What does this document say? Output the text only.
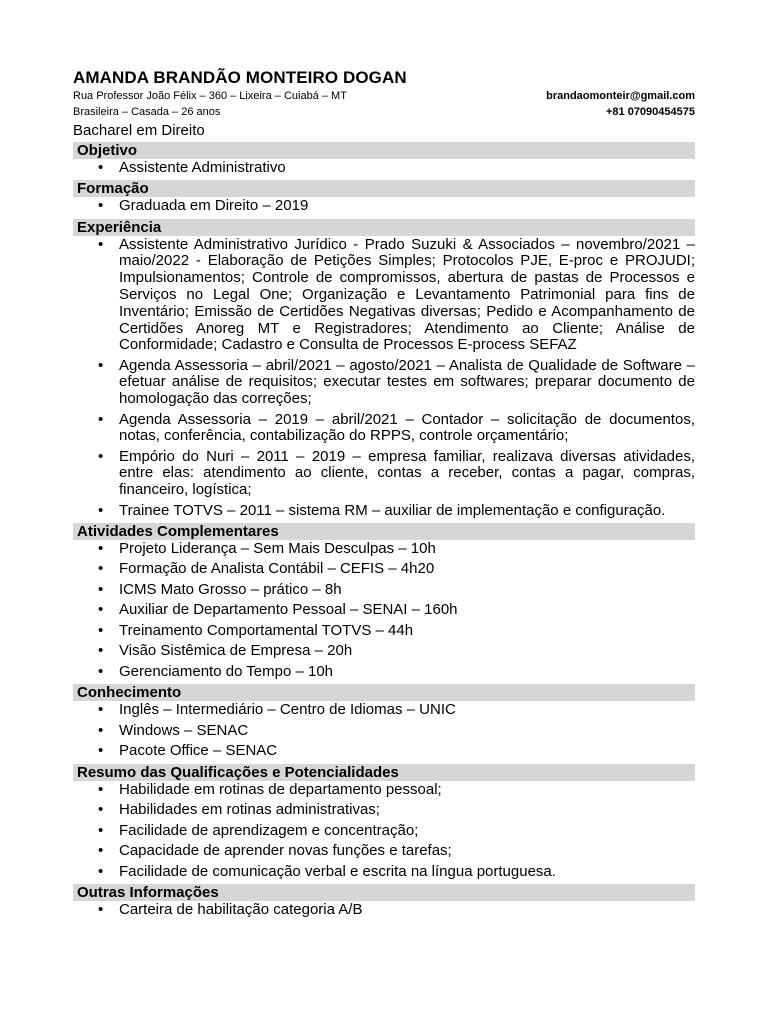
AMANDA BRANDÃO MONTEIRO DOGAN
Rua Professor João Félix – 360 – Lixeira – Cuiabá – MT	brandaomonteir@gmail.com
Brasileira – Casada – 26 anos	+81 07090454575
Bacharel em Direito
Objetivo
• Assistente Administrativo
Formação
• Graduada em Direito – 2019
Experiência
• Assistente Administrativo Jurídico - Prado Suzuki & Associados – novembro/2021 – maio/2022 - Elaboração de Petições Simples; Protocolos PJE, E-proc e PROJUDI; Impulsionamentos; Controle de compromissos, abertura de pastas de Processos e Serviços no Legal One; Organização e Levantamento Patrimonial para fins de Inventário; Emissão de Certidões Negativas diversas; Pedido e Acompanhamento de Certidões Anoreg MT e Registradores; Atendimento ao Cliente; Análise de Conformidade; Cadastro e Consulta de Processos E-process SEFAZ
• Agenda Assessoria – abril/2021 – agosto/2021 – Analista de Qualidade de Software – efetuar análise de requisitos; executar testes em softwares; preparar documento de homologação das correções;
• Agenda Assessoria – 2019 – abril/2021 – Contador – solicitação de documentos, notas, conferência, contabilização do RPPS, controle orçamentário;
• Empório do Nuri – 2011 – 2019 – empresa familiar, realizava diversas atividades, entre elas: atendimento ao cliente, contas a receber, contas a pagar, compras, financeiro, logística;
• Trainee TOTVS – 2011 – sistema RM – auxiliar de implementação e configuração.
Atividades Complementares
• Projeto Liderança – Sem Mais Desculpas – 10h
• Formação de Analista Contábil – CEFIS – 4h20
• ICMS Mato Grosso – prático – 8h
• Auxiliar de Departamento Pessoal – SENAI – 160h
• Treinamento Comportamental TOTVS – 44h
• Visão Sistêmica de Empresa – 20h
• Gerenciamento do Tempo – 10h
Conhecimento
• Inglês – Intermediário – Centro de Idiomas – UNIC
• Windows – SENAC
• Pacote Office – SENAC
Resumo das Qualificações e Potencialidades
• Habilidade em rotinas de departamento pessoal;
• Habilidades em rotinas administrativas;
• Facilidade de aprendizagem e concentração;
• Capacidade de aprender novas funções e tarefas;
• Facilidade de comunicação verbal e escrita na língua portuguesa.
Outras Informações
• Carteira de habilitação categoria A/B
